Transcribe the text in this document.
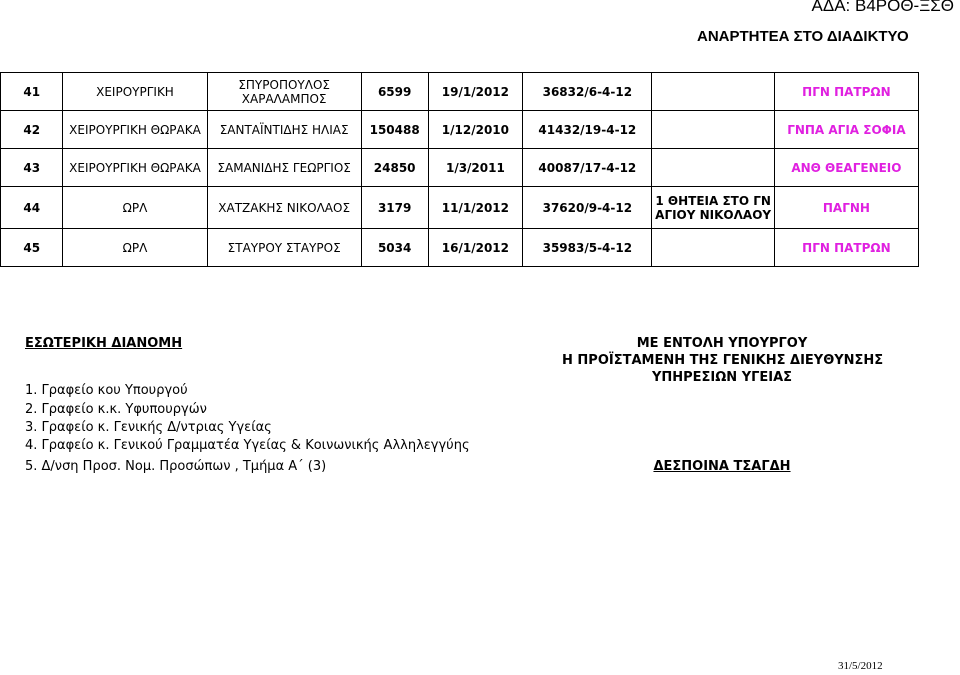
ΑΔΑ: Β4ΡΟΘ-ΞΣΘ
ΑΝΑΡΤΗΤΕΑ ΣΤΟ ΔΙΑΔΙΚΤΥΟ
41	ΧΕΙΡΟΥΡΓΙΚΗ	ΣΠΥΡΟΠΟΥΛΟΣ ΧΑΡΑΛΑΜΠΟΣ	6599	19/1/2012	36832/6-4-12		ΠΓΝ ΠΑΤΡΩΝ
42	ΧΕΙΡΟΥΡΓΙΚΗ ΘΩΡΑΚΑ	ΣΑΝΤΑΪΝΤΙΔΗΣ ΗΛΙΑΣ	150488	1/12/2010	41432/19-4-12		ΓΝΠΑ ΑΓΙΑ ΣΟΦΙΑ
43	ΧΕΙΡΟΥΡΓΙΚΗ ΘΩΡΑΚΑ	ΣΑΜΑΝΙΔΗΣ ΓΕΩΡΓΙΟΣ	24850	1/3/2011	40087/17-4-12		ΑΝΘ ΘΕΑΓΕΝΕΙΟ
44	ΩΡΛ	ΧΑΤΖΑΚΗΣ ΝΙΚΟΛΑΟΣ	3179	11/1/2012	37620/9-4-12	1 ΘΗΤΕΙΑ ΣΤΟ ΓΝ ΑΓΙΟΥ ΝΙΚΟΛΑΟΥ	ΠΑΓΝΗ
45	ΩΡΛ	ΣΤΑΥΡΟΥ ΣΤΑΥΡΟΣ	5034	16/1/2012	35983/5-4-12		ΠΓΝ ΠΑΤΡΩΝ
ΕΣΩΤΕΡΙΚΗ ΔΙΑΝΟΜΗ
1. Γραφείο κου Υπουργού
2. Γραφείο κ.κ. Υφυπουργών
3. Γραφείο κ. Γενικής Δ/ντριας Υγείας
4. Γραφείο κ. Γενικού Γραμματέα Υγείας & Κοινωνικής Αλληλεγγύης
5. Δ/νση Προσ. Νομ. Προσώπων , Τμήμα Α΄ (3)
ΜΕ ΕΝΤΟΛΗ ΥΠΟΥΡΓΟΥ
Η ΠΡΟΪΣΤΑΜΕΝΗ ΤΗΣ ΓΕΝΙΚΗΣ ΔΙΕΥΘΥΝΣΗΣ
ΥΠΗΡΕΣΙΩΝ ΥΓΕΙΑΣ
ΔΕΣΠΟΙΝΑ ΤΣΑΓΔΗ
31/5/2012
